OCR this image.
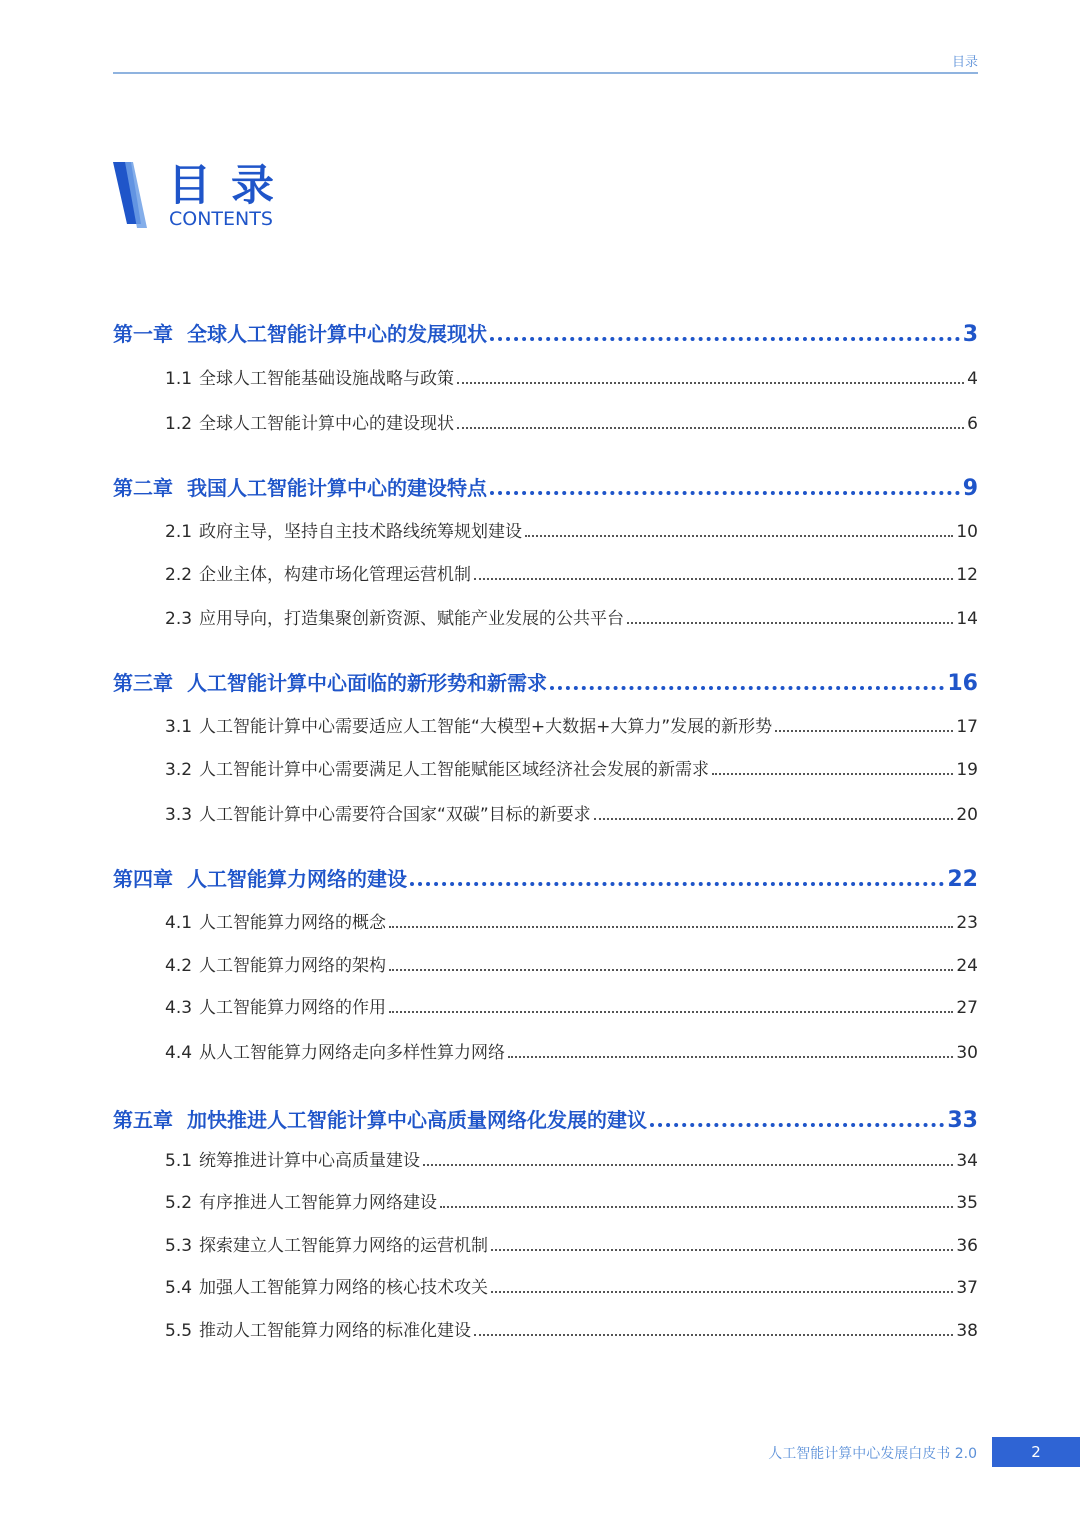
目录
目录
CONTENTS
第一章 全球人工智能计算中心的发展现状	3
1.1 全球人工智能基础设施战略与政策	4
1.2 全球人工智能计算中心的建设现状	6
第二章 我国人工智能计算中心的建设特点	9
2.1 政府主导，坚持自主技术路线统筹规划建设	10
2.2 企业主体，构建市场化管理运营机制	12
2.3 应用导向，打造集聚创新资源、赋能产业发展的公共平台	14
第三章 人工智能计算中心面临的新形势和新需求	16
3.1 人工智能计算中心需要适应人工智能“大模型+大数据+大算力”发展的新形势	17
3.2 人工智能计算中心需要满足人工智能赋能区域经济社会发展的新需求	19
3.3 人工智能计算中心需要符合国家“双碳”目标的新要求	20
第四章 人工智能算力网络的建设	22
4.1 人工智能算力网络的概念	23
4.2 人工智能算力网络的架构	24
4.3 人工智能算力网络的作用	27
4.4 从人工智能算力网络走向多样性算力网络	30
第五章 加快推进人工智能计算中心高质量网络化发展的建议	33
5.1 统筹推进计算中心高质量建设	34
5.2 有序推进人工智能算力网络建设	35
5.3 探索建立人工智能算力网络的运营机制	36
5.4 加强人工智能算力网络的核心技术攻关	37
5.5 推动人工智能算力网络的标准化建设	38
人工智能计算中心发展白皮书 2.0	2
